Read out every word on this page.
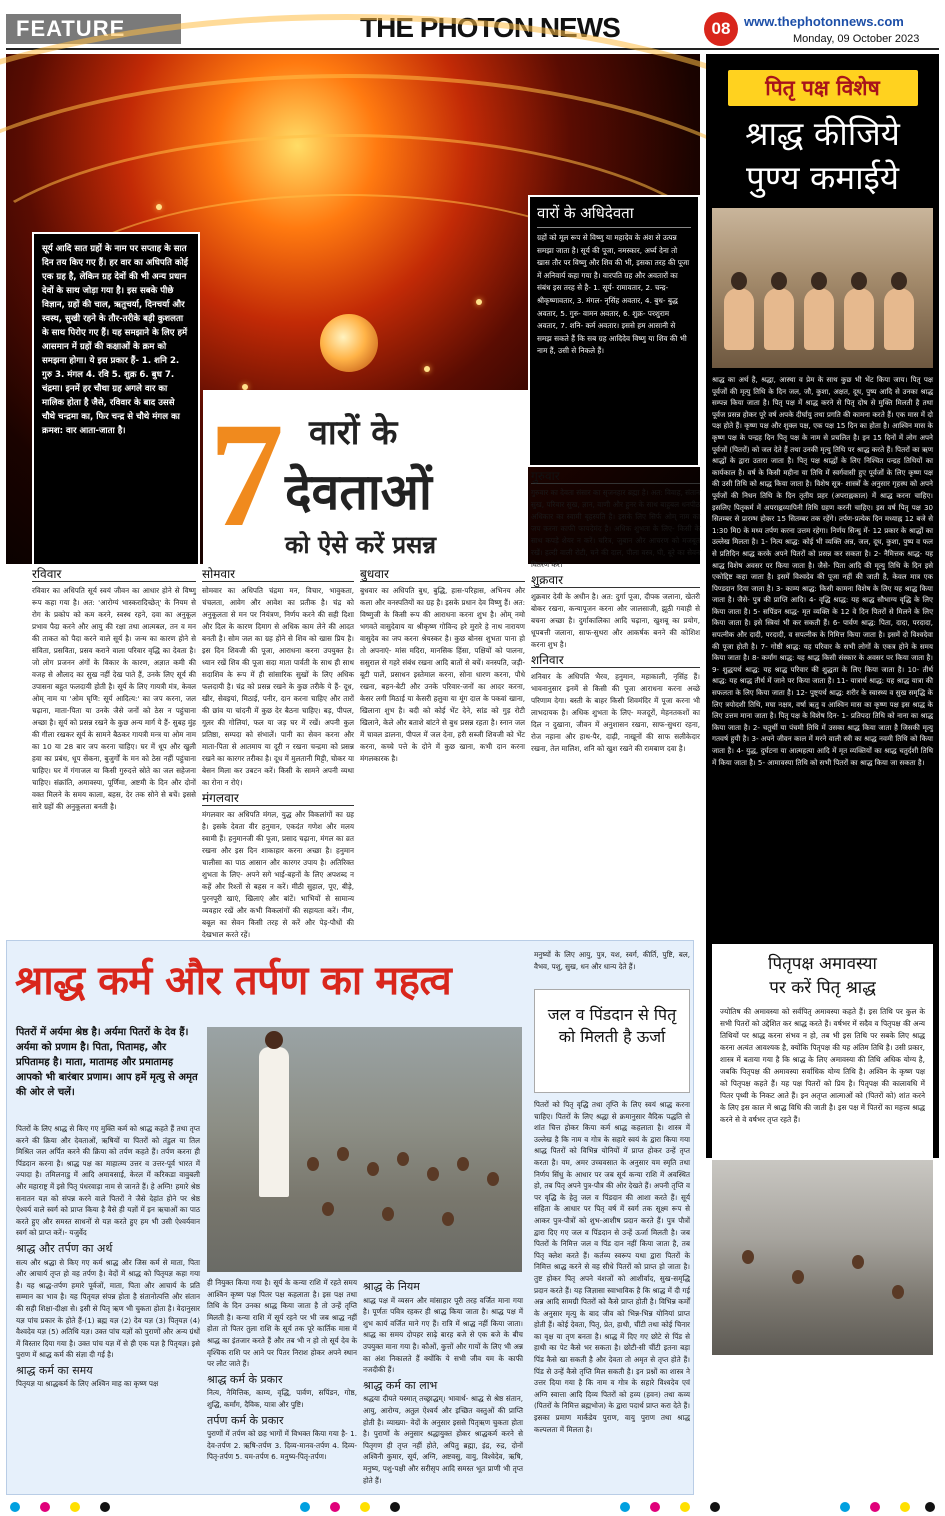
FEATURE	THE PHOTON NEWS	08	www.thephotonnews.com
Monday, 09 October 2023

सूर्य आदि सात ग्रहों के नाम पर सप्ताह के सात दिन तय किए गए हैं। हर वार का अधिपति कोई एक ग्रह है, लेकिन ग्रह देवों की भी अन्य प्रधान देवों के साथ जोड़ा गया है। इस सबके पीछे विज्ञान, ग्रहों की चाल, ऋतुचर्या, दिनचर्या और स्वस्थ, सुखी रहने के तौर-तरीके बड़ी कुशलता के साथ पिरोए गए हैं। यह समझाने के लिए हमें आसमान में ग्रहों की कक्षाओं के क्रम को समझना होगा। ये इस प्रकार हैं- 1. शनि 2. गुरु 3. मंगल 4. रवि 5. शुक्र 6. बुध 7. चंद्रमा। इनमें हर चौथा ग्रह अगले वार का मालिक होता है जैसे, रविवार के बाद उससे चौथे चन्द्रमा का, फिर चन्द्र से चौथे मंगल का क्रमश: वार आता-जाता है।

वारों के अधिदेवता

ग्रहों को मूल रूप से विष्णु या महादेव के अंश से उत्पन्न समझा जाता है। सूर्य की पूजा, नमस्कार, अर्घ्य देना तो खास तौर पर विष्णु और शिव की भी, इसका तरह की पूजा में अनिवार्य कहा गया है। वारपति ग्रह और अवतारों का संबंध इस तरह से है- 1. सूर्य- रामावतार, 2. चन्द्र- श्रीकृष्णावतार, 3. मंगल- नृसिंह अवतार, 4. बुध- बुद्ध अवतार, 5. गुरु- वामन अवतार, 6. शुक्र- परशुराम अवतार, 7. शनि- कर्म अवतार। इससे हम आसानी से समझ सकते हैं कि सब ग्रह आदिदेव विष्णु या शिव की भी नाम हैं, उसी से निकले हैं।

7 वारों के
देवताओं
को ऐसे करें प्रसन्न
रविवार

रविवार का अधिपति सूर्य स्वयं जीवन का आधार होने से विष्णु रूप कहा गया है। अत: 'आरोग्यं भास्करादिच्छेत्' के नियम से रोग के प्रकोप को कम करने, स्वस्थ रहने, दवा का अनुकूल प्रभाव पैदा करने और आयु की रक्षा तथा आत्मबल, तन व मन की ताकत को पैदा करने वाले सूर्य है। जन्म का कारण होने से संविता, प्रसविता, प्रसव कराने वाला परिवार वृद्धि का देवता है। जो लोग प्रजनन अंगों के विकार के कारण, अज्ञात कमी की वजह से औलाद का सुख नहीं देख पाते हैं, उनके लिए सूर्य की उपासना बहुत फलदायी होती है। सूर्य के लिए गायत्री मंत्र, केवल ओम् नाम या 'ओम घृणि: सूर्य आदित्य:' का जप करना, जल चढ़ाना, माता-पिता या उनके जैसे जनों को ठेस न पहुंचाना अच्छा है। सूर्य को प्रसन्न रखने के कुछ अन्य मार्ग ये हैं- सुबह मुंह की गीला रखकर सूर्य के सामने बैठकर गायत्री मन्त्र या ओम नाम का 10 या 28 बार जप करना चाहिए। घर में धूप और खुली हवा का प्रबंध, धूप सेंकना, बुजुर्गों के मन को ठेस नहीं पहुंचाना चाहिए। घर में गंगाजल या किसी गुरुदत्ते स्रोते का जल सहेजना चाहिए। संक्रांति, अमावस्या, पूर्णिमा, अष्टमी के दिन और दोनों वक्त मिलने के समय काला, बहस, देर तक सोने से बचें। इससे सारे ग्रहों की अनुकूलता बनती है।

सोमवार

सोमवार का अधिपति चंद्रमा मन, विचार, भावुकता, चंचलता, आवेग और आवेश का प्रतीक है। चंद्र को अनुकूलता से मन पर नियंत्रण, निर्णय करने की सही दिशा और दिल के कारण दिमाग से अधिक काम लेने की आदत बनती है। सोम जल का ग्रह होने से शिव को खास प्रिय है। इस दिन शिवजी की पूजा, आराधना करना उपयुक्त है। ध्यान रखें शिव की पूजा सदा माता पार्वती के साथ ही साथ सदाशिव के रूप में ही सांसारिक सुखों के लिए अधिक फलदायी है। चंद्र को प्रसन्न रखने के कुछ तरीके ये हैं- दूध, खीर, सेवइयां, मिठाई, पनीर, दान करना चाहिए और तारों की छांव या चांदनी में कुछ देर बैठना चाहिए। बड़, पीपल, गूलर की गोलियां, फल या जड़ घर में रखें। अपनी कुल प्रतिष्ठा, सम्पदा को संभालें। पानी का सेवन करना और माता-पिता से आतमाय या दूरी न रखना चन्द्रमा को प्रसन्न रखने का कारगर तरीका है। दूध में मुलतानी मिट्टी, चोकर या बेसन मिला कर उबटन करें। किसी के सामने अपनी व्यथा का रोना न रोएं।

मंगलवार

मंगलवार का अधिपति मंगल, युद्ध और विकलांगों का ग्रह है। इसके देवता वीर हनुमान, एकदंत गणेश और मलय स्वामी हैं। हनुमानजी की पूजा, प्रसाद चढ़ाना, मंगल का व्रत रखना और इस दिन शाकाहार करना अच्छा है। हनुमान चालीसा का पाठ आसान और कारगर उपाय है। अतिरिक्त शुभता के लिए- अपने सगे भाई-बहनों के लिए अपशब्द न कहें और रिश्तों से बहस न करें। मीठी सुहाल, पूए, बीड़े, पुरनपूरी खाएं, खिलाएं और बांटें। भाभियों से सामान्य व्यवहार रखें और कभी विकलांगों की सहायता करें। नीम, बबूल का सेवन किसी तरह से करें और पेड़-पौधों की देखभाल करते रहें।

बुधवार

बुधवार का अधिपति बुध, बुद्धि, हास-परिहास, अभिनय और कला और वनस्पतियों का ग्रह है। इसके प्रधान देव विष्णु हैं। अत: विष्णुजी के किसी रूप की आराधना करना शुभ है। ओम् नमो भगवते वासुदेवाय या श्रीकृष्ण गोविन्द हरे मुरारे हे नाथ नारायण वासुदेव का जप करना श्रेयस्कर है। कुछ बोनस शुभता पाना हो तो अपनाएं- मांस मदिरा, मानसिक हिंसा, पक्षियों को पालना, ससुराल से गहरे संबंध रखना आदि बातों से बचें। वनस्पति, जड़ी-बूटी पालें, प्रसाधन इस्तेमाल करना, सोना धारण करना, पौधे रखना, बहन-बेटी और उनके परिवार-जनों का आदर करना, केसर लगी मिठाई या केसरी हलुवा या मूंग दाल के पकवां खाना, खिलाना शुभ है। बदी को कोई भेंट देने, सांड को गुड़ रोटी खिलाने, केले और बताशे बांटने से बुध प्रसन्न रहता है। स्नान जल में चावल डालना, पीपल में जल देना, हरी सब्जी शिवजी को भेंट करना, कच्चे पत्ते के दोने में कुछ खाना, कभी दान करना मंगलकारक है।

गुरुवार

गुरुवार का देवता संसार का सृजनहार ब्रह्मा है। अत: विवाह, संतान सुख, परिवार सुख, ज्ञान, वाणी और हुनर के साथ बाहुबल धनपीठ अधिकार का स्वामी बृहस्पति है। इसके लिए सिर्फ ओम् नाम का जप करना काफी फायदेमंद है। अधिक शुभता के लिए- किसी के साथ कपड़े शेयर न करें। चरित्र, जुबान और आचरण को मजबूत रखें। हल्दी वाली रोटी, चने की दाल, पीला वस्त्र, घी, बूरे का सेवन वितरण करें।

शुक्रवार

शुक्रवार देवी के अधीन है। अत: दुर्गा पूजा, दीपक जलाना, खेतरी बोकर रखना, कन्यापूजन करना और जालसाजी, झूठी गवाही से बचना अच्छा है। दुर्गाकालिका आदि चढ़ाना, खुशबू का प्रयोग, धूपबत्ती जलाना, साफ-सुथरा और आकर्षक बनने की कोशिश करना शुभ है।

शनिवार

शनिवार के अधिपति भैरव, हनुमान, महाकाली, नृसिंह हैं। भावनानुसार इनमें से किसी की पूजा आराधना करना अच्छे परिणाम देगा। बस्ती के बाहर किसी शिवमंदिर में पूजा करना भी लाभदायक है। अधिक शुभता के लिए- मजदूरों, मेहनतकशों का दिल न दुखाना, जीवन में अनुशासन रखना, साफ-सुथरा रहना, रोज नहाना और हाथ-पैर, दाढ़ी, नाखूनों की साफ सलीकेदार रखना, तेल मालिश, शनि को खुश रखने की रामबाण दवा है।

पितृ पक्ष विशेष
श्राद्ध कीजिये
पुण्य कमाईये
श्राद्ध का अर्थ है, श्रद्धा, आस्था व प्रेम के साथ कुछ भी भेंट किया जाय। पितृ पक्ष पूर्वजों की मृत्यु तिथि के दिन जल, जौ, कुशा, अक्षत, दूध, पुष्प आदि से उनका श्राद्ध सम्पन्न किया जाता है। पितृ पक्ष में श्राद्ध करने से पितृ दोष से मुक्ति मिलती है तथा पूर्वज प्रसन्न होकर पूरे वर्ष अपके दीर्घायु तथा प्रगति की कामना करते हैं। एक मास में दो पक्ष होते हैं। कृष्ण पक्ष और शुक्ल पक्ष, एक पक्ष 15 दिन का होता है। आश्विन मास के कृष्ण पक्ष के पन्द्रह दिन पितृ पक्ष के नाम से प्रचलित है। इन 15 दिनों में लोग अपने पूर्वजों (पितरों) को जल देते हैं तथा उनकी मृत्यु तिथि पर श्राद्ध करते हैं। पितरों का ऋण श्राद्धों के द्वारा उतारा जाता है। पितृ पक्ष श्राद्धों के लिए निश्चित पन्द्रह तिथियों का कार्यकाल है। वर्ष के किसी महीना या तिथि में स्वर्गवासी हुए पूर्वजों के लिए कृष्ण पक्ष की उसी तिथि को श्राद्ध किया जाता है। विशेष सूत्र- शास्त्रों के अनुसार गृहस्थ को अपने पूर्वजों की निधन तिथि के दिन तृतीय प्रहर (अपराह्नकाल) में श्राद्ध करना चाहिए। इसलिए पितृकर्म में अपराह्नव्यापिनी तिथि ग्रहण करनी चाहिए। इस वर्ष पितृ पक्ष 30 सितम्बर से प्रारम्भ होकर 15 सितम्बर तक रहेंगे। तर्पण-प्रत्येक दिन मध्याह्न 12 बजे से 1:30 मि0 के मध्य तर्पण करना उत्तम रहेगा। निर्णय सिन्धु में- 12 प्रकार के श्राद्धों का उल्लेख मिलता है। 1- नित्य श्राद्ध: कोई भी व्यक्ति अन्न, जल, दूध, कुशा, पुष्प व फल से प्रतिदिन श्राद्ध करके अपने पितरों को प्रसन्न कर सकता है। 2- नैमित्तक श्राद्ध- यह श्राद्ध विशेष अवसर पर किया जाता है। जैसे- पिता आदि की मृत्यु तिथि के दिन इसे एकोद्दिष्ट कहा जाता है। इसमें विश्वदेव की पूजा नहीं की जाती है, केवल मात्र एक पिण्डदान दिया जाता है। 3- काम्य श्राद्ध: किसी कामना विशेष के लिए यह श्राद्ध किया जाता है। जैसे- पुत्र की प्राप्ति आदि। 4- वृद्धि श्राद्ध: यह श्राद्ध सौभाग्य वृद्धि के लिए किया जाता है। 5- सपिंडन श्राद्ध- मृत व्यक्ति के 12 वे दिन पितरों से मिलने के लिए किया जाता है। इसे स्त्रियां भी कर सकती हैं। 6- पार्वण श्राद्ध: पिता, दादा, परदादा, सपत्नीक और दादी, परदादी, व सपत्नीक के निमित्त किया जाता है। इसमें दो विश्वदेवा की पूजा होती है। 7- गोष्ठी श्राद्ध: यह परिवार के सभी लोगों के एकत्र होने के समय किया जाता है। 8- कर्मांग श्राद्ध: यह श्राद्ध किसी संस्कार के अवसर पर किया जाता है। 9- शुद्धयर्थ श्राद्ध: यह श्राद्ध परिवार की शुद्धता के लिए किया जाता है। 10- तीर्थ श्राद्ध: यह श्राद्ध तीर्थ में जाने पर किया जाता है। 11- यात्रार्थ श्राद्ध: यह श्राद्ध यात्रा की सफलता के लिए किया जाता है। 12- पुष्ट्यर्थ श्राद्ध: शरीर के स्वास्थ्य व सुख समृद्धि के लिए त्रयोदशी तिथि, मघा नक्षत्र, वर्षा ऋतु व आश्विन मास का कृष्ण पक्ष इस श्राद्ध के लिए उत्तम माना जाता है। पितृ पक्ष के विशेष दिन- 1- प्रतिपदा तिथि को नाना का श्राद्ध किया जाता है। 2- चतुर्थी या पंचमी तिथि में उसका श्राद्ध किया जाता है जिसकी मृत्यु गतवर्ष हुयी है। 3- अपने जीवन काल में मरने वाली स्त्री का श्राद्ध नवमी तिथि को किया जाता है। 4- युद्ध, दुर्घटना या आत्महत्या आदि में मृत व्यक्तियों का श्राद्ध चतुर्दशी तिथि में किया जाता है। 5- आमावस्या तिथि को सभी पितरों का श्राद्ध किया जा सकता है।
पितृपक्ष अमावस्या
पर करें पितृ श्राद्ध

ज्योतिष की अमावस्या को सर्वपितृ अमावस्या कहते हैं। इस तिथि पर कुल के सभी पितरों को उद्देशित कर श्राद्ध करते हैं। वर्षभर में सदैव व पितृपक्ष की अन्य तिथियों पर श्राद्ध करना संभव न हो, तब भी इस तिथि पर सबके लिए श्राद्ध करना अत्यंत आवश्यक है, क्योंकि पितृपक्ष की यह अंतिम तिथि है। उसी प्रकार, शास्त्र में बताया गया है कि श्राद्ध के लिए अमावस्या की तिथि अधिक योग्य है, जबकि पितृपक्ष की अमावस्या सर्वाधिक योग्य तिथि है। अश्विन के कृष्ण पक्ष को पितृपक्ष कहते हैं। यह पक्ष पितरों को प्रिय है। पितृपक्ष की कालावधि में पितर पृथ्वी के निकट आते हैं। इन अतृप्त आत्माओं को (पितरों को) शांत करने के लिए इस काल में श्राद्ध विधि की जाती है। इस पक्ष में पितरों का महत्त्व श्राद्ध करने से वे वर्षभर तृप्त रहते हैं।

श्राद्ध कर्म और तर्पण का महत्व
पितरों में अर्यमा श्रेष्ठ है। अर्यमा पितरों के देव हैं। अर्यमा को प्रणाम है। पिता, पितामह, और प्रपितामह है। माता, मातामह और प्रमातामह आपको भी बारंबार प्रणाम। आप हमें मृत्यु से अमृत की ओर ले चलें।
मनुष्यों के लिए आयु, पुत्र, यश, स्वर्ग, कीर्ति, पुष्टि, बल, वैभव, पशु, सुख, धन और धान्य देते हैं।
जल व पिंडदान से पितृ
को मिलती है ऊर्जा

पितरों के लिए श्राद्ध से किए गए मुक्ति कर्म को श्राद्ध कहते हैं तथा तृप्त करने की क्रिया और देवताओं, ऋषियों या पितरों को तंडुल या तिल मिश्रित जल अर्पित करने की क्रिया को तर्पण कहते हैं। तर्पण करना ही पिंडदान करना है। श्राद्ध पक्ष का माहात्म्य उत्तर व उत्तर-पूर्व भारत में ज्यादा है। तमिलनाडु में आदि अमावसाई, केरल में करिकडा वावुबली और महाराष्ट्र में इसे पितृ पंधरवाड़ा नाम से जानते हैं। हे अग्नि! हमारे श्रेष्ठ सनातन यज्ञ को संपन्न करने वाले पितरों ने जैसे देहांत होने पर श्रेष्ठ ऐश्वर्य वाले स्वर्ग को प्राप्त किया है वैसे ही यज्ञों में इन ऋचाओं का पाठ करते हुए और समस्त साधनों से यज्ञ करते हुए हम भी उसी ऐश्वर्यवान स्वर्ग को प्राप्त करें।- यजुर्वेद

श्राद्ध और तर्पण का अर्थ

सत्य और श्रद्धा से किए गए कर्म श्राद्ध और जिस कर्म से माता, पिता और आचार्य तृप्त हो वह तर्पण है। वेदों में श्राद्ध को पितृयज्ञ कहा गया है। यह श्राद्ध-तर्पण हमारे पूर्वजों, माता, पिता और आचार्य के प्रति सम्मान का भाव है। यह पितृयज्ञ संपन्न होता है संतानोत्पत्ति और संतान की सही शिक्षा-दीक्षा से। इसी से पितृ ऋण भी चुकता होता है। वेदानुसार यज्ञ पांच प्रकार के होते हैं-(1) ब्रह्म यज्ञ (2) देव यज्ञ (3) पितृयज्ञ (4) वैश्वदेव यज्ञ (5) अतिथि यज्ञ। उक्त पांच यज्ञों को पुराणों और अन्य ग्रंथों में विस्तार दिया गया है। उक्त पांच यज्ञ में से ही एक यज्ञ है पितृयज्ञ। इसे पुराण में श्राद्ध कर्म की संज्ञा दी गई है।

श्राद्ध कर्म का समय

पितृयज्ञ या श्राद्धकर्म के लिए अश्विन माह का कृष्ण पक्ष

ही नियुक्त किया गया है। सूर्य के कन्या राशि में रहते समय आश्विन कृष्ण पक्ष पितर पक्ष कहलाता है। इस पक्ष तथा तिथि के दिन उनका श्राद्ध किया जाता है तो उन्हें तृप्ति मिलती है। कन्या राशि में सूर्य रहने पर भी जब श्राद्ध नहीं होता तो पितर तुला राशि के सूर्य तक पूरे कार्तिक मास में श्राद्ध का इंतजार करते हैं और तब भी न हो तो सूर्य देव के वृश्चिक राशि पर आने पर पितर निराश होकर अपने स्थान पर लौट जाते हैं।

श्राद्ध कर्म के प्रकार

नित्य, नैमित्तिक, काम्य, वृद्धि, पार्वण, सपिंडन, गोष्ठ, शुद्धि, कर्मांग, दैविक, यात्रा और पुष्टि।

तर्पण कर्म के प्रकार

पुराणों में तर्पण को छह भागों में विभक्त किया गया है- 1. देव-तर्पण 2. ऋषि-तर्पण 3. दिव्य-मानव-तर्पण 4. दिव्य-पितृ-तर्पण 5. यम-तर्पण 6. मनुष्य-पितृ-तर्पण।

श्राद्ध के नियम

श्राद्ध पक्ष में व्यसन और मांसाहार पूरी तरह वर्जित माना गया है। पूर्णतः पवित्र रहकर ही श्राद्ध किया जाता है। श्राद्ध पक्ष में शुभ कार्य वर्जित माने गए हैं। रात्रि में श्राद्ध नहीं किया जाता। श्राद्ध का समय दोपहर साढ़े बारह बजे से एक बजे के बीच उपयुक्त माना गया है। कौओं, कुत्तों और गायों के लिए भी अन्न का अंश निकालते हैं क्योंकि ये सभी जीव यम के काफी नजदीकी हैं।

श्राद्ध कर्म का लाभ

श्रद्धया दीयते यस्मात् तच्छ्राद्धम्। भावार्थ- श्राद्ध से श्रेष्ठ संतान, आयु, आरोग्य, अतुल ऐश्वर्य और इच्छित वस्तुओं की प्राप्ति होती है। व्याख्या- वेदों के अनुसार इससे पितृऋण चुकता होता है। पुराणों के अनुसार श्रद्धायुक्त होकर श्राद्धकर्म करने से पितृगण ही तृप्त नहीं होते, अपितु ब्रह्मा, इंद्र, रुद्र, दोनों अश्विनी कुमार, सूर्य, अग्नि, अष्टवसु, वायु, विश्वेदेव, ऋषि, मनुष्य, पशु-पक्षी और सरीसृप आदि समस्त भूत प्राणी भी तृप्त होते हैं।

पितरों को पितृ वृद्धि तथा तृप्ति के लिए स्वयं श्राद्ध करना चाहिए। पितरों के लिए श्रद्धा से क्रमानुसार वैदिक पद्धति से शांत चित्त होकर किया कर्म श्राद्ध कहलाता है। शास्त्र में उल्लेख है कि नाम व गोत्र के सहारे स्वयं के द्वारा किया गया श्राद्ध पितरों को विभिन्न योनियों में प्राप्त होकर उन्हें तृप्त करता है। यम, अमर उच्चवसात के अनुसार यम स्मृति तथा निर्णय सिंधु के आधार पर जब सूर्य कन्या राशि में अवस्थित हो, तब पितृ अपने पुत्र-पौत्र की ओर देखते हैं। अपनी तृप्ति व पर वृद्धि के हेतु जल व पिंडदान की आशा करते हैं। सूर्य संहिता के आधार पर पितृ वर्ष में स्वर्ग तक सूक्ष्म रूप से आकर पुत्र-पौत्रों को शुभ-आशीष प्रदान करते हैं। पुत्र पौत्रों द्वारा दिए गए जल व पिंडदान से उन्हें ऊर्जा मिलती है। जब पितरों के निमित्त जल व पिंड दान नहीं किया जाता है, तब पितृ क्लेश करते हैं। कर्तव्य स्वरूप यथा द्वारा पितरों के निमित्त श्राद्ध करने से वह सीधे पितरों को प्राप्त हो जाता है। तुष्ट होकर पितृ अपने वंशजों को आशीर्वाद, सुख-समृद्धि प्रदान करते हैं। यह जिज्ञासा स्वाभाविक है कि श्राद्ध में दी गई अन्न आदि सामग्री पितरों को कैसे प्राप्त होती है। विभिन्न कर्मों के अनुसार मृत्यु के बाद जीव को भिन्न-भिन्न योनियां प्राप्त होती हैं। कोई देवता, पितृ, प्रेत, हाथी, चींटी तथा कोई चिनार का वृक्ष या तृण बनता है। श्राद्ध में दिए गए छोटे से पिंड से हाथी का पेट कैसे भर सकता है। छोटी-सी चींटी इतना बड़ा पिंड कैसे खा सकती है और देवता तो अमृत से तृप्त होते हैं। पिंड से उन्हें कैसे तृप्ति मिल सकती है। इन प्रश्नों का शास्त्र ने उत्तर दिया गया है कि नाम व गोत्र के सहारे विश्वदेव एवं अग्नि स्वात्ता आदि दिव्य पितरों को हव्य (हवन) तथा कव्य (पितरों के निमित्त ब्रह्मभोज) के द्वारा पदार्थ प्राप्त करा देते हैं। इसका प्रमाण मार्कंडेय पुराण, वायु पुराण तथा श्राद्ध कल्पलता में मिलता है।
